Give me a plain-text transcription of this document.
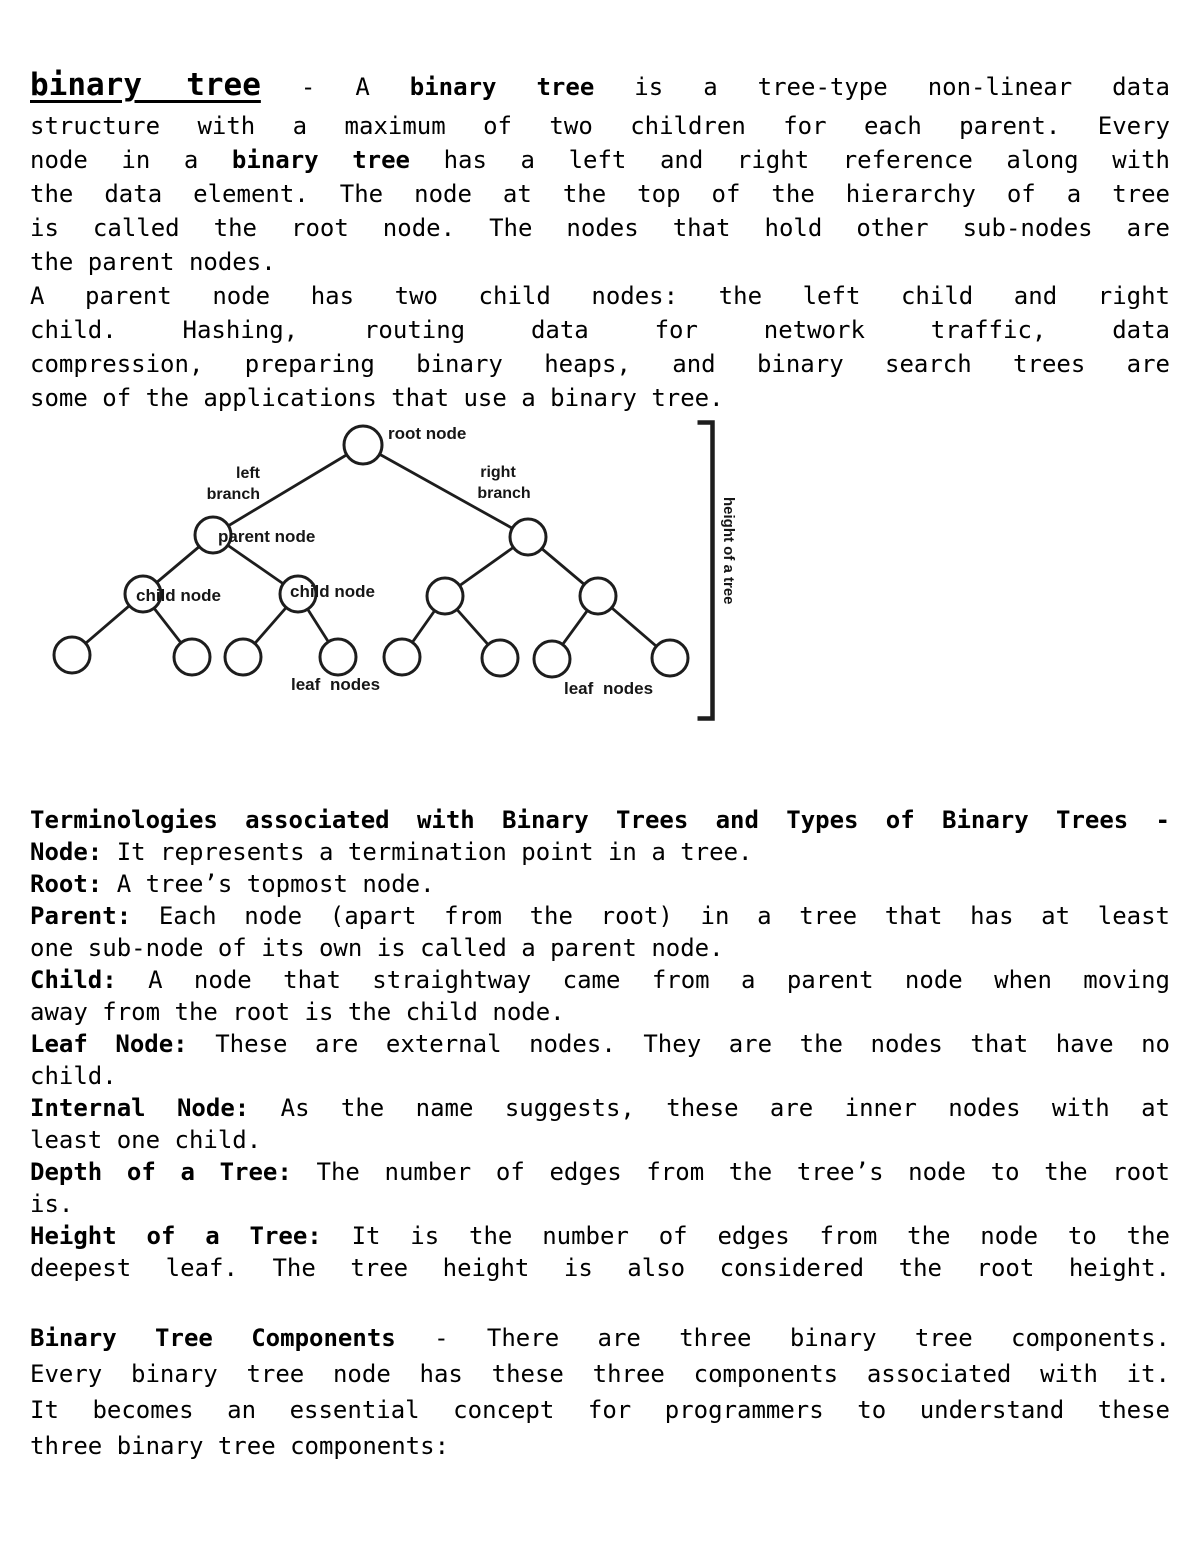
binary tree - A binary tree is a tree-type non-linear data
structure with a maximum of two children for each parent. Every
node in a binary tree has a left and right reference along with
the data element. The node at the top of the hierarchy of a tree
is called the root node. The nodes that hold other sub-nodes are
the parent nodes.
A parent node has two child nodes: the left child and right
child. Hashing, routing data for network traffic, data
compression, preparing binary heaps, and binary search trees are
some of the applications that use a binary tree.
root node
left
branch
right
branch
parent node
child node	child node
leaf nodes	leaf nodes
height of a tree
Terminologies associated with Binary Trees and Types of Binary Trees -
Node: It represents a termination point in a tree.
Root: A tree’s topmost node.
Parent: Each node (apart from the root) in a tree that has at least
one sub-node of its own is called a parent node.
Child: A node that straightway came from a parent node when moving
away from the root is the child node.
Leaf Node: These are external nodes. They are the nodes that have no
child.
Internal Node: As the name suggests, these are inner nodes with at
least one child.
Depth of a Tree: The number of edges from the tree’s node to the root
is.
Height of a Tree: It is the number of edges from the node to the
deepest leaf. The tree height is also considered the root height.
Binary Tree Components - There are three binary tree components.
Every binary tree node has these three components associated with it.
It becomes an essential concept for programmers to understand these
three binary tree components:
